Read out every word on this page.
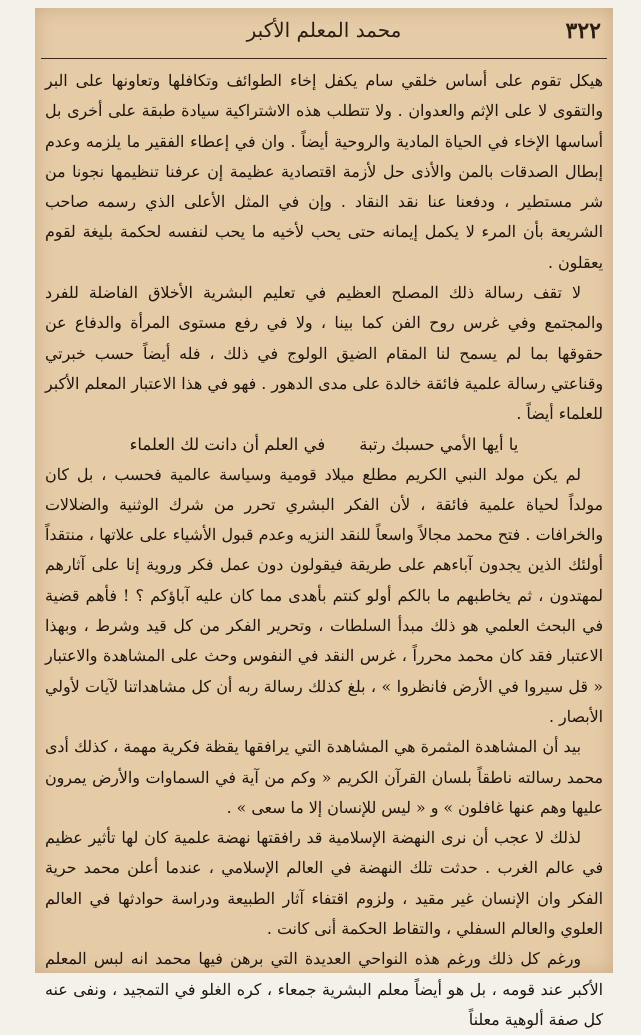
٣٢٢
محمد المعلم الأكبر

هيكل تقوم على أساس خلقي سام يكفل إخاء الطوائف وتكافلها وتعاونها على البر والتقوى لا على الإثم والعدوان . ولا تتطلب هذه الاشتراكية سيادة طبقة على أخرى بل أساسها الإخاء في الحياة المادية والروحية أيضاً . وان في إعطاء الفقير ما يلزمه وعدم إبطال الصدقات بالمن والأذى حل لأزمة اقتصادية عظيمة إن عرفنا تنظيمها نجونا من شر مستطير ، ودفعنا عنا نقد النقاد . وإن في المثل الأعلى الذي رسمه صاحب الشريعة بأن المرء لا يكمل إيمانه حتى يحب لأخيه ما يحب لنفسه لحكمة بليغة لقوم يعقلون .

لا تقف رسالة ذلك المصلح العظيم في تعليم البشرية الأخلاق الفاضلة للفرد والمجتمع وفي غرس روح الفن كما بينا ، ولا في رفع مستوى المرأة والدفاع عن حقوقها بما لم يسمح لنا المقام الضيق الولوج في ذلك ، فله أيضاً حسب خبرتي وقناعتي رسالة علمية فائقة خالدة على مدى الدهور . فهو في هذا الاعتبار المعلم الأكبر للعلماء أيضاً .

يا أيها الأمي حسبك رتبة
في العلم أن دانت لك العلماء

لم يكن مولد النبي الكريم مطلع ميلاد قومية وسياسة عالمية فحسب ، بل كان مولداً لحياة علمية فائقة ، لأن الفكر البشري تحرر من شرك الوثنية والضلالات والخرافات . فتح محمد مجالاً واسعاً للنقد النزيه وعدم قبول الأشياء على علاتها ، منتقداً أولئك الذين يجدون آباءهم على طريقة فيقولون دون عمل فكر وروية إنا على آثارهم لمهتدون ، ثم يخاطبهم ما بالكم أولو كنتم بأهدى مما كان عليه آباؤكم ؟ ! فأهم قضية في البحث العلمي هو ذلك مبدأ السلطات ، وتحرير الفكر من كل قيد وشرط ، وبهذا الاعتبار فقد كان محمد محرراً ، غرس النقد في النفوس وحث على المشاهدة والاعتبار « قل سيروا في الأرض فانظروا » ، بلغ كذلك رسالة ربه أن كل مشاهداتنا لآيات لأولي الأبصار .

بيد أن المشاهدة المثمرة هي المشاهدة التي يرافقها يقظة فكرية مهمة ، كذلك أدى محمد رسالته ناطقاً بلسان القرآن الكريم « وكم من آية في السماوات والأرض يمرون عليها وهم عنها غافلون » و « ليس للإنسان إلا ما سعى » .

لذلك لا عجب أن نرى النهضة الإسلامية قد رافقتها نهضة علمية كان لها تأثير عظيم في عالم الغرب . حدثت تلك النهضة في العالم الإسلامي ، عندما أعلن محمد حرية الفكر وان الإنسان غير مقيد ، ولزوم اقتفاء آثار الطبيعة ودراسة حوادثها في العالم العلوي والعالم السفلي ، والتقاط الحكمة أنى كانت .

ورغم كل ذلك ورغم هذه النواحي العديدة التي برهن فيها محمد انه لبس المعلم الأكبر عند قومه ، بل هو أيضاً معلم البشرية جمعاء ، كره الغلو في التمجيد ، ونفى عنه كل صفة ألوهية معلناً
